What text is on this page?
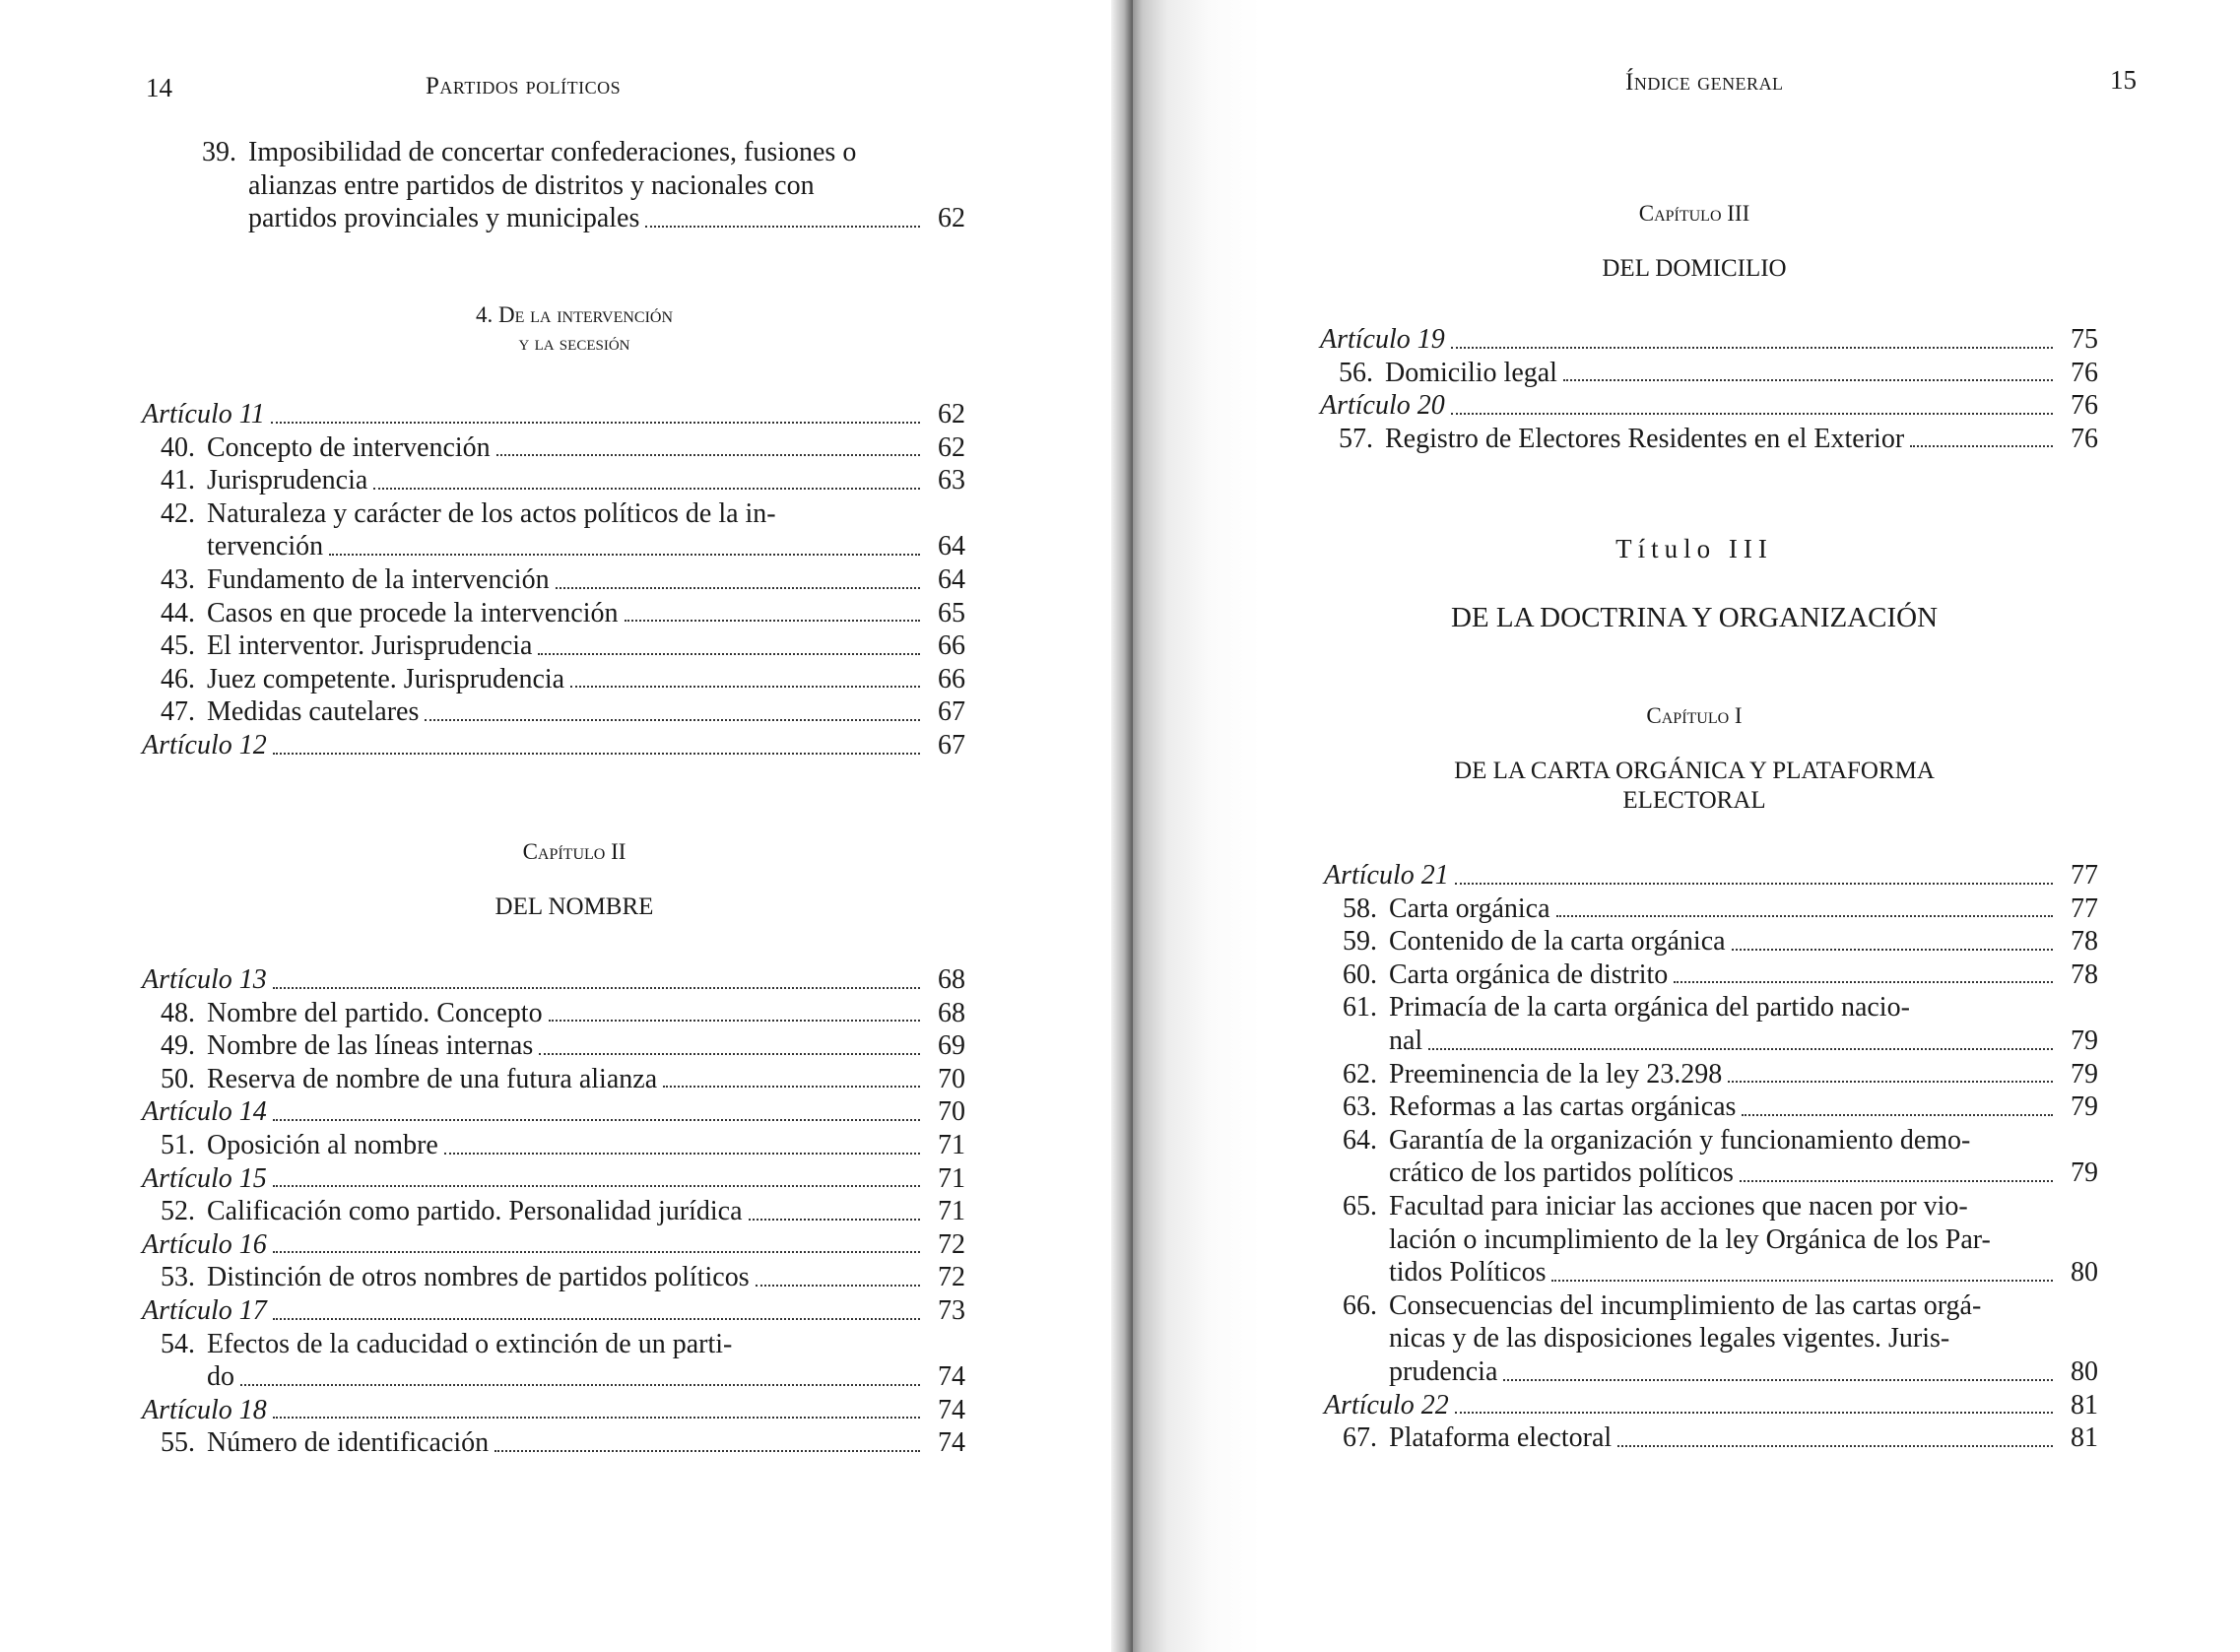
14	Partidos políticos
39. Imposibilidad de concertar confederaciones, fusiones o
alianzas entre partidos de distritos y nacionales con
partidos provinciales y municipales	62
4. De la intervención
y la secesión
Artículo 11	62
40. Concepto de intervención	62
41. Jurisprudencia	63
42. Naturaleza y carácter de los actos políticos de la in-
tervención	64
43. Fundamento de la intervención	64
44. Casos en que procede la intervención	65
45. El interventor. Jurisprudencia	66
46. Juez competente. Jurisprudencia	66
47. Medidas cautelares	67
Artículo 12	67
Capítulo II
DEL NOMBRE
Artículo 13	68
48. Nombre del partido. Concepto	68
49. Nombre de las líneas internas	69
50. Reserva de nombre de una futura alianza	70
Artículo 14	70
51. Oposición al nombre	71
Artículo 15	71
52. Calificación como partido. Personalidad jurídica	71
Artículo 16	72
53. Distinción de otros nombres de partidos políticos	72
Artículo 17	73
54. Efectos de la caducidad o extinción de un parti-
do	74
Artículo 18	74
55. Número de identificación	74
Índice general	15
Capítulo III
DEL DOMICILIO
Artículo 19	75
56. Domicilio legal	76
Artículo 20	76
57. Registro de Electores Residentes en el Exterior	76
Título III
DE LA DOCTRINA Y ORGANIZACIÓN
Capítulo I
DE LA CARTA ORGÁNICA Y PLATAFORMA
ELECTORAL
Artículo 21	77
58. Carta orgánica	77
59. Contenido de la carta orgánica	78
60. Carta orgánica de distrito	78
61. Primacía de la carta orgánica del partido nacio-
nal	79
62. Preeminencia de la ley 23.298	79
63. Reformas a las cartas orgánicas	79
64. Garantía de la organización y funcionamiento demo-
crático de los partidos políticos	79
65. Facultad para iniciar las acciones que nacen por vio-
lación o incumplimiento de la ley Orgánica de los Par-
tidos Políticos	80
66. Consecuencias del incumplimiento de las cartas orgá-
nicas y de las disposiciones legales vigentes. Juris-
prudencia	80
Artículo 22	81
67. Plataforma electoral	81
